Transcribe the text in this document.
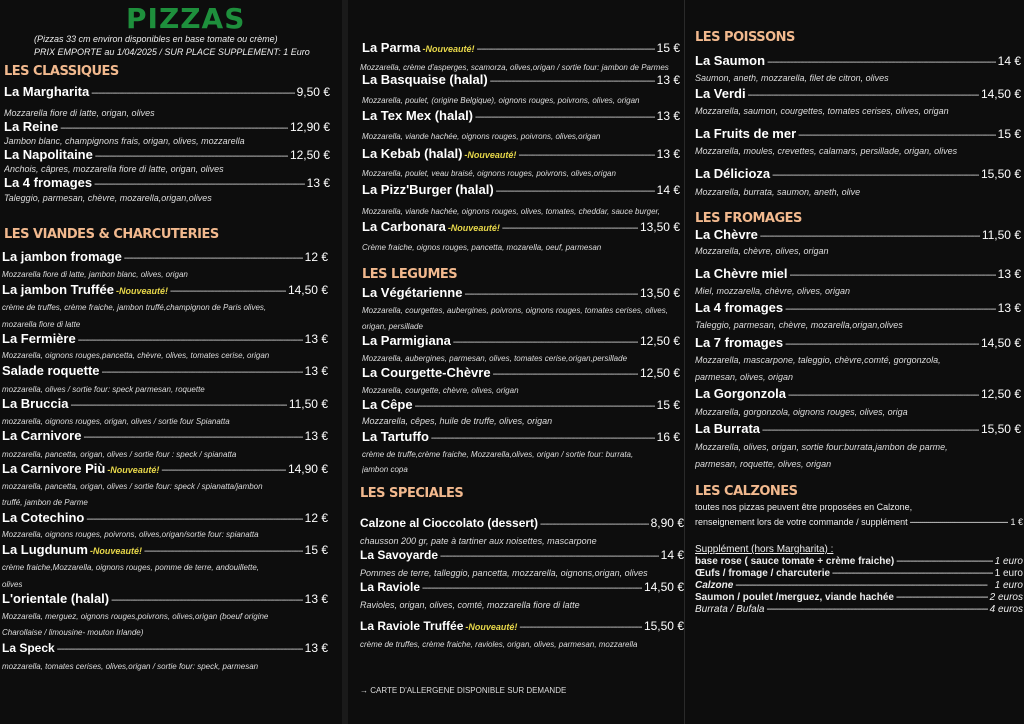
PIZZAS
(Pizzas 33 cm environ disponibles en base tomate ou crème)
PRIX EMPORTE au 1/04/2025 / SUR PLACE SUPPLEMENT: 1 Euro
LES CLASSIQUES
La Margharita -----	9,50 €
Mozzarella fiore di latte, origan, olives
La Reine -----	12,90 €
Jambon blanc, champignons frais, origan, olives, mozzarella
La Napolitaine -----	12,50 €
Anchois, câpres, mozzarella fiore di latte, origan, olives
La 4 fromages -----	13 €
Taleggio, parmesan, chèvre, mozarella,origan,olives
LES VIANDES & CHARCUTERIES
La jambon fromage -----	12 €
Mozzarella fiore di latte, jambon blanc, olives, origan
La jambon Truffée -Nouveauté! -----	14,50 €
crème de truffes, crème fraiche, jambon truffé,champignon de Paris olives,
mozarella fiore di latte
La Fermière -----	13 €
Mozzarella, oignons rouges,pancetta, chèvre, olives, tomates cerise, origan
Salade roquette -----	13 €
mozzarella, olives / sortie four: speck parmesan, roquette
La Bruccia -----	11,50 €
mozzarella, oignons rouges, origan, olives / sortie four Spianatta
La Carnivore -----	13 €
mozzarella, pancetta, origan, olives / sortie four : speck / spianatta
La Carnivore Più -Nouveauté! -----	14,90 €
mozzarella, pancetta, origan, olives / sortie four: speck / spianatta/jambon
truffé, jambon de Parme
La Cotechino -----	12 €
Mozzarella, oignons rouges, poivrons, olives,origan/sortie four: spianatta
La Lugdunum -Nouveauté! -----	15 €
crème fraiche,Mozzarella, oignons rouges, pomme de terre, andouillette,
olives
L'orientale (halal) -----	13 €
Mozzarella, merguez, oignons rouges,poivrons, olives,origan (boeuf origine
Charollaise / limousine- mouton Irlande)
La Speck -----	13 €
mozzarella, tomates cerises, olives,origan / sortie four: speck, parmesan
La Parma -Nouveauté! -----	15 €
Mozzarella, crème d'asperges, scamorza, olives,origan / sortie four: jambon de Parmes
La Basquaise (halal) -----	13 €
Mozzarella, poulet, (origine Belgique), oignons rouges, poivrons, olives, origan
La Tex Mex (halal) -----	13 €
Mozzarella, viande hachée, oignons rouges, poivrons, olives,origan
La Kebab (halal) -Nouveauté! -----	13 €
Mozzarella, poulet, veau braisé, oignons rouges, poivrons, olives,origan
La Pizz'Burger (halal) -----	14 €
Mozzarella, viande hachée, oignons rouges, olives, tomates, cheddar, sauce burger,
La Carbonara -Nouveauté! -----	13,50 €
Crème fraiche, oignos rouges, pancetta, mozarella, oeuf, parmesan
LES LEGUMES
La Végétarienne -----	13,50 €
Mozzarella, courgettes, aubergines, poivrons, oignons rouges, tomates cerises, olives,
origan, persillade
La Parmigiana -----	12,50 €
Mozzarella, aubergines, parmesan, olives, tomates cerise,origan,persillade
La Courgette-Chèvre -----	12,50 €
Mozzarella, courgette, chèvre, olives, origan
La Cêpe -----	15 €
Mozzarella, cêpes, huile de truffe, olives, origan
La Tartuffo -----	16 €
crème de truffe,crème fraiche, Mozzarella,olives, origan / sortie four: burrata,
jambon copa
LES SPECIALES
Calzone al Cioccolato (dessert) -----	8,90 €
chausson 200 gr, pate à tartiner aux noisettes, mascarpone
La Savoyarde -----	14 €
Pommes de terre, talleggio, pancetta, mozzarella, oignons,origan, olives
La Raviole -----	14,50 €
Ravioles, origan, olives, comté, mozzarella fiore di latte
La Raviole Truffée -Nouveauté! -----	15,50 €
crème de truffes, crème fraiche, ravioles, origan, olives, parmesan, mozzarella
→ CARTE D'ALLERGENE DISPONIBLE SUR DEMANDE
LES POISSONS
La Saumon -----	14 €
Saumon, aneth, mozzarella, filet de citron, olives
La Verdi -----	14,50 €
Mozzarella, saumon, courgettes, tomates cerises, olives, origan
La Fruits de mer -----	15 €
Mozzarella, moules, crevettes, calamars, persillade, origan, olives
La Délicioza -----	15,50 €
Mozzarella, burrata, saumon, aneth, olive
LES FROMAGES
La Chèvre -----	11,50 €
Mozzarella, chèvre, olives, origan
La Chèvre miel -----	13 €
Miel, mozzarella, chèvre, olives, origan
La 4 fromages -----	13 €
Taleggio, parmesan, chèvre, mozarella,origan,olives
La 7 fromages -----	14,50 €
Mozzarella, mascarpone, taleggio, chèvre,comté, gorgonzola,
parmesan, olives, origan
La Gorgonzola -----	12,50 €
Mozzarella, gorgonzola, oignons rouges, olives, origa
La Burrata -----	15,50 €
Mozzarella, olives, origan, sortie four:burrata,jambon de parme,
parmesan, roquette, olives, origan
LES CALZONES
toutes nos pizzas peuvent être proposées en Calzone,
renseignement lors de votre commande / supplément -----	1 €
Supplément (hors Margharita) :
base rose ( sauce tomate + crème fraiche) -----	1 euro
Œufs / fromage / charcuterie -----	1 euro
Calzone -----	1 euro
Saumon / poulet /merguez, viande hachée -----	2 euros
Burrata / Bufala -----	4 euros
